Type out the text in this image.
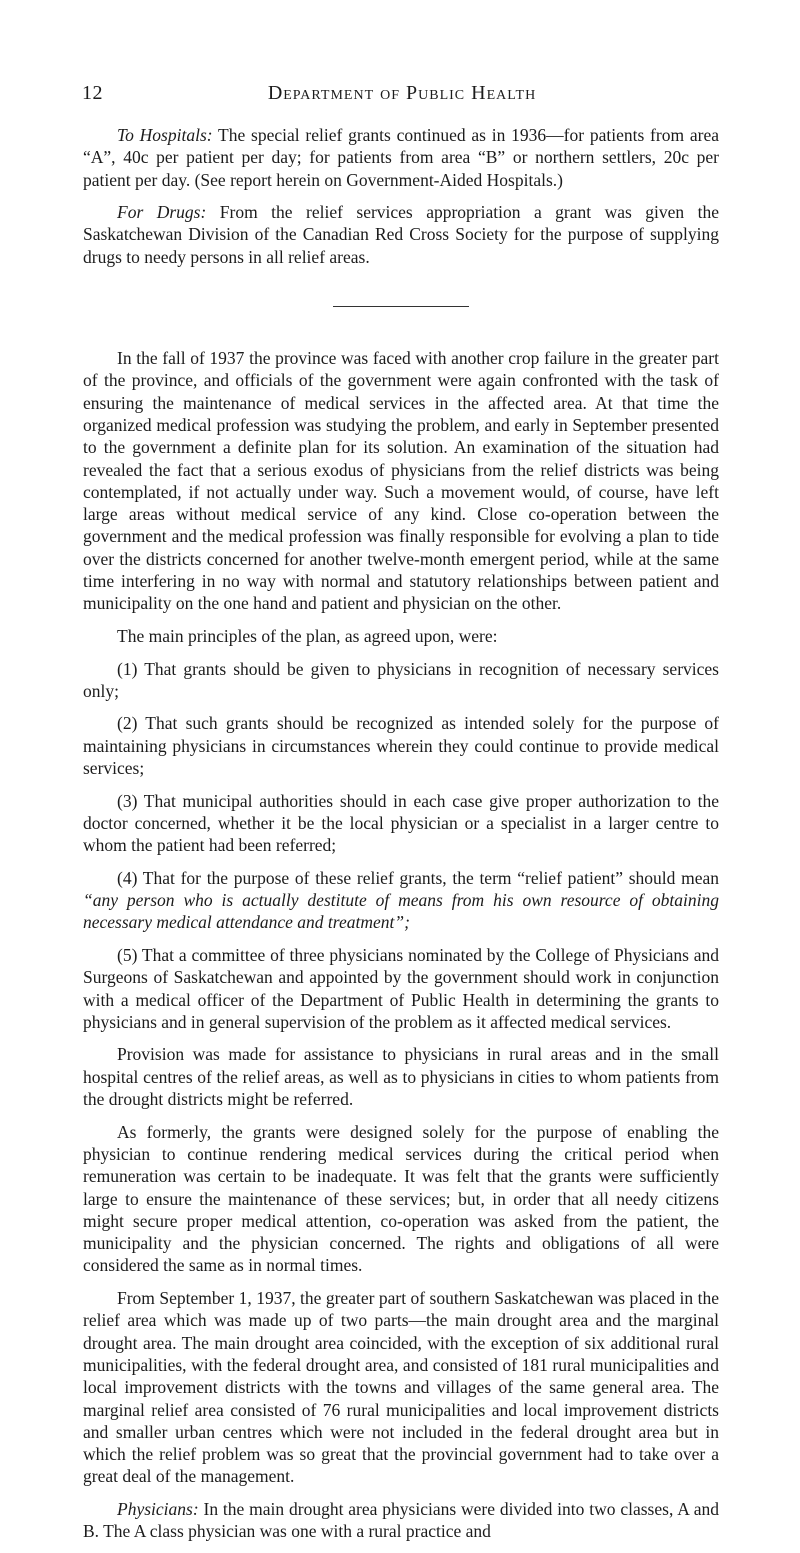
12	Department of Public Health

To Hospitals: The special relief grants continued as in 1936—for patients from area “A”, 40c per patient per day; for patients from area “B” or northern settlers, 20c per patient per day. (See report herein on Government-Aided Hospitals.)

For Drugs: From the relief services appropriation a grant was given the Saskatchewan Division of the Canadian Red Cross Society for the purpose of supplying drugs to needy persons in all relief areas.

In the fall of 1937 the province was faced with another crop failure in the greater part of the province, and officials of the government were again confronted with the task of ensuring the maintenance of medical services in the affected area. At that time the organized medical profession was studying the problem, and early in September presented to the government a definite plan for its solution. An examination of the situation had revealed the fact that a serious exodus of physicians from the relief districts was being contemplated, if not actually under way. Such a movement would, of course, have left large areas without medical service of any kind. Close co-operation between the government and the medical profession was finally responsible for evolving a plan to tide over the districts concerned for another twelve-month emergent period, while at the same time interfering in no way with normal and statutory relationships between patient and municipality on the one hand and patient and physician on the other.

The main principles of the plan, as agreed upon, were:

(1) That grants should be given to physicians in recognition of necessary services only;

(2) That such grants should be recognized as intended solely for the purpose of maintaining physicians in circumstances wherein they could continue to provide medical services;

(3) That municipal authorities should in each case give proper authorization to the doctor concerned, whether it be the local physician or a specialist in a larger centre to whom the patient had been referred;

(4) That for the purpose of these relief grants, the term “relief patient” should mean “any person who is actually destitute of means from his own resource of obtaining necessary medical attendance and treatment”;

(5) That a committee of three physicians nominated by the College of Physicians and Surgeons of Saskatchewan and appointed by the government should work in conjunction with a medical officer of the Department of Public Health in determining the grants to physicians and in general supervision of the problem as it affected medical services.

Provision was made for assistance to physicians in rural areas and in the small hospital centres of the relief areas, as well as to physicians in cities to whom patients from the drought districts might be referred.

As formerly, the grants were designed solely for the purpose of enabling the physician to continue rendering medical services during the critical period when remuneration was certain to be inadequate. It was felt that the grants were sufficiently large to ensure the maintenance of these services; but, in order that all needy citizens might secure proper medical attention, co-operation was asked from the patient, the municipality and the physician concerned. The rights and obligations of all were considered the same as in normal times.

From September 1, 1937, the greater part of southern Saskatchewan was placed in the relief area which was made up of two parts—the main drought area and the marginal drought area. The main drought area coincided, with the exception of six additional rural municipalities, with the federal drought area, and consisted of 181 rural municipalities and local improvement districts with the towns and villages of the same general area. The marginal relief area consisted of 76 rural municipalities and local improvement districts and smaller urban centres which were not included in the federal drought area but in which the relief problem was so great that the provincial government had to take over a great deal of the management.

Physicians: In the main drought area physicians were divided into two classes, A and B. The A class physician was one with a rural practice and
